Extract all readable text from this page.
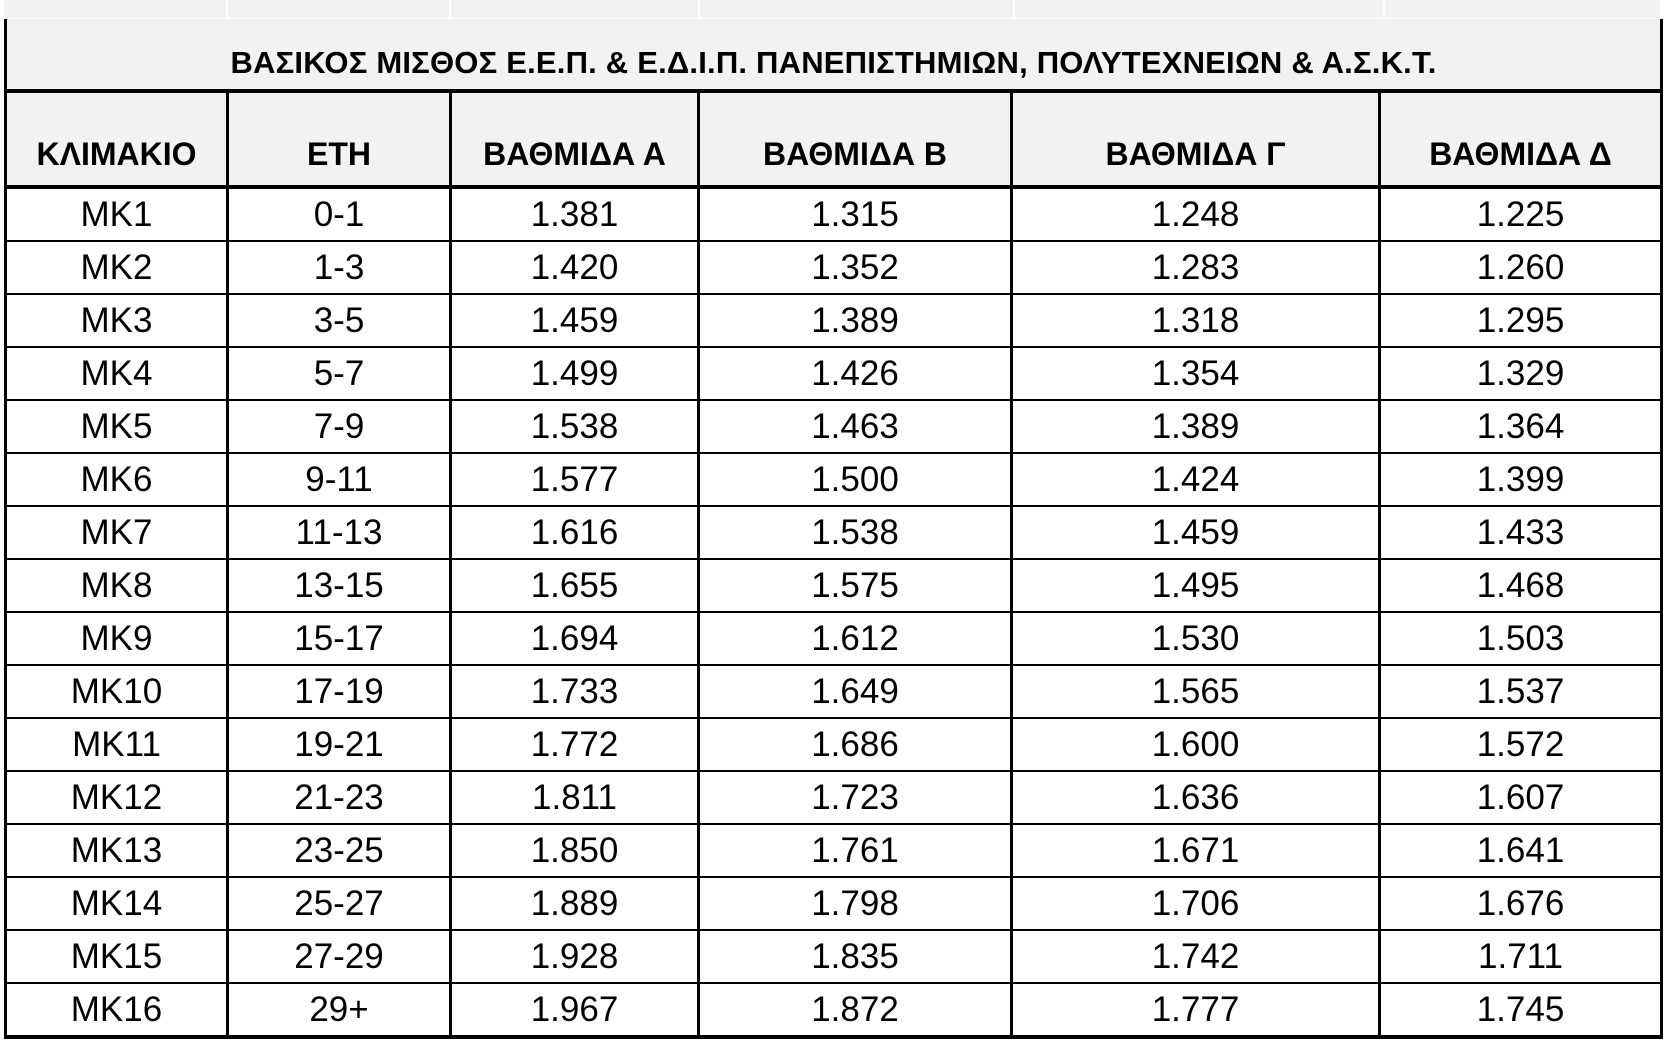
ΒΑΣΙΚΟΣ ΜΙΣΘΟΣ Ε.Ε.Π. & Ε.Δ.Ι.Π. ΠΑΝΕΠΙΣΤΗΜΙΩΝ, ΠΟΛΥΤΕΧΝΕΙΩΝ & Α.Σ.Κ.Τ.					
ΚΛΙΜΑΚΙΟ	ΕΤΗ	ΒΑΘΜΙΔΑ Α	ΒΑΘΜΙΔΑ Β	ΒΑΘΜΙΔΑ Γ	ΒΑΘΜΙΔΑ Δ
ΜΚ1	0-1	1.381	1.315	1.248	1.225
ΜΚ2	1-3	1.420	1.352	1.283	1.260
ΜΚ3	3-5	1.459	1.389	1.318	1.295
ΜΚ4	5-7	1.499	1.426	1.354	1.329
ΜΚ5	7-9	1.538	1.463	1.389	1.364
ΜΚ6	9-11	1.577	1.500	1.424	1.399
ΜΚ7	11-13	1.616	1.538	1.459	1.433
ΜΚ8	13-15	1.655	1.575	1.495	1.468
ΜΚ9	15-17	1.694	1.612	1.530	1.503
ΜΚ10	17-19	1.733	1.649	1.565	1.537
ΜΚ11	19-21	1.772	1.686	1.600	1.572
ΜΚ12	21-23	1.811	1.723	1.636	1.607
ΜΚ13	23-25	1.850	1.761	1.671	1.641
ΜΚ14	25-27	1.889	1.798	1.706	1.676
ΜΚ15	27-29	1.928	1.835	1.742	1.711
ΜΚ16	29+	1.967	1.872	1.777	1.745
